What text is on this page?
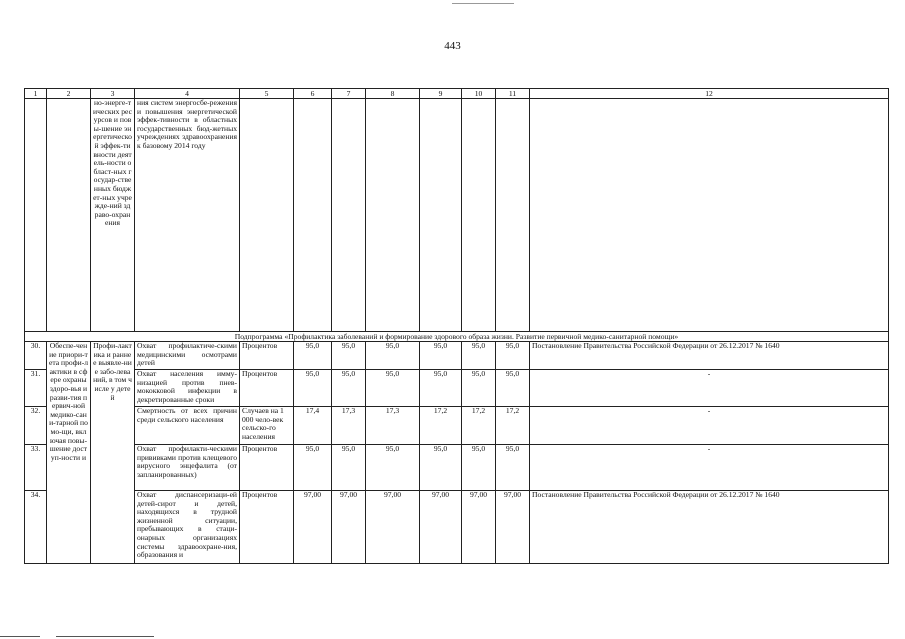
443
1	2	3	4	5	6	7	8	9	10	11	12
		но-энерге-тических ресурсов и повы-шение энергетической эффек-тивности деятель-ности област-ных государ-ственных бюджет-ных учрежде-ний здраво-охранения	ния систем энергосбе-режения и повышения энергетической эффек-тивности в областных государственных бюд-жетных учреждениях здравоохранения к базовому 2014 году								
Подпрограмма «Профилактика заболеваний и формирование здорового образа жизни. Развитие первичной медико-санитарной помощи»											
30.	Обеспе-чение приори-тета профи-лактики в сфере охраны здоро-вья и разви-тия первич-ной медико-сани-тарной помо-щи, включая повы-шение доступ-ности и	Профи-лактика и раннее выявле-ние забо-леваний, в том числе у детей	Охват профилактиче-скими медицинскими осмотрами детей	Процентов	95,0	95,0	95,0	95,0	95,0	95,0	Постановление Правительства Российской Федерации от 26.12.2017 № 1640
31.			Охват населения имму-низацией против пнев-мококковой инфекции в декретированные сроки	Процентов	95,0	95,0	95,0	95,0	95,0	95,0	-
32.			Смертность от всех причин среди сельского населения	Случаев на 1 000 чело-век сельско-го населения	17,4	17,3	17,3	17,2	17,2	17,2	-
33.			Охват профилакти-ческими прививками против клещевого вирусного энцефалита (от запланированных)	Процентов	95,0	95,0	95,0	95,0	95,0	95,0	-
34.			Охват диспансеризаци-ей детей-сирот и детей, находящихся в трудной жизненной ситуации, пребывающих в стаци-онарных организациях системы здравоохране-ния, образования и	Процентов	97,00	97,00	97,00	97,00	97,00	97,00	Постановление Правительства Российской Федерации от 26.12.2017 № 1640
